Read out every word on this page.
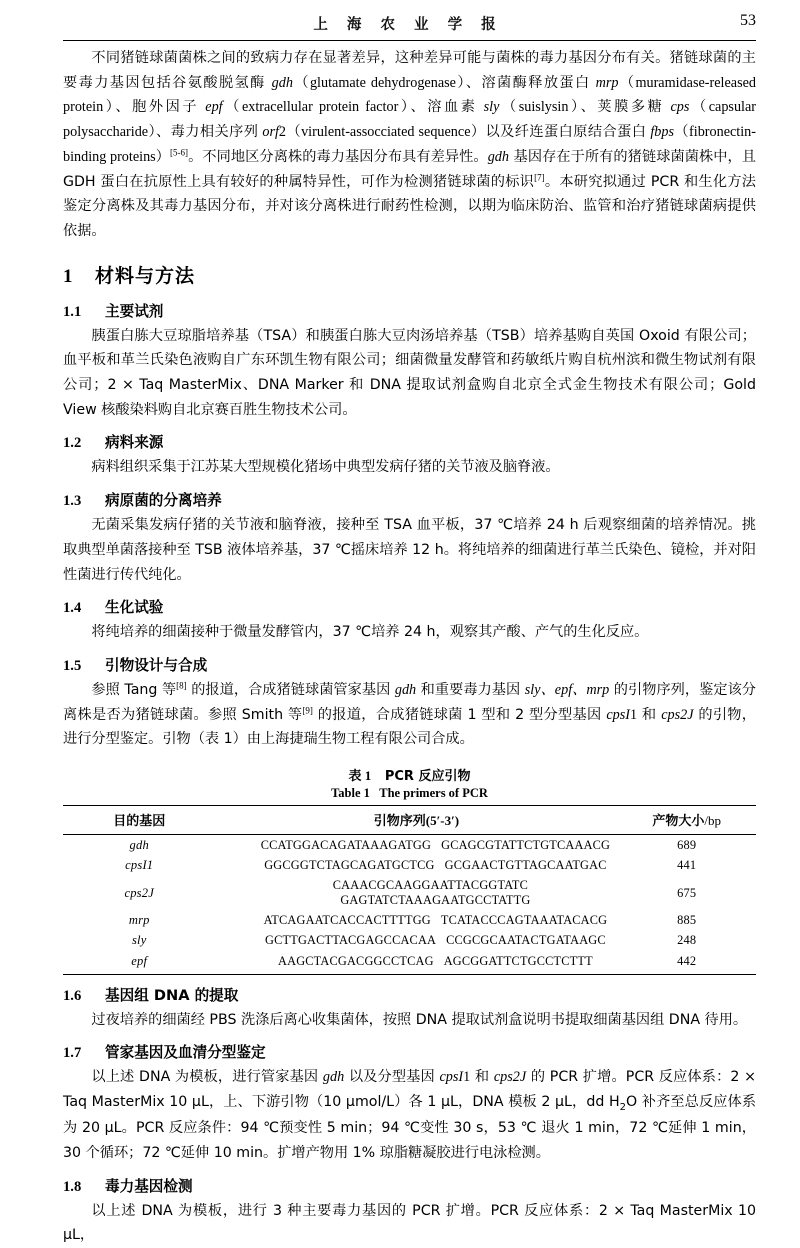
上 海 农 业 学 报	53

不同猪链球菌菌株之间的致病力存在显著差异，这种差异可能与菌株的毒力基因分布有关。猪链球菌的主要毒力基因包括谷氨酸脱氢酶 gdh（glutamate dehydrogenase）、溶菌酶释放蛋白 mrp（muramidase-released protein）、胞外因子 epf（extracellular protein factor）、溶血素 sly（suislysin）、荚膜多糖 cps（capsular polysaccharide）、毒力相关序列 orf2（virulent-assocciated sequence）以及纤连蛋白原结合蛋白 fbps（fibronectin-binding proteins）[5-6]。不同地区分离株的毒力基因分布具有差异性。gdh 基因存在于所有的猪链球菌菌株中，且 GDH 蛋白在抗原性上具有较好的种属特异性，可作为检测猪链球菌的标识[7]。本研究拟通过 PCR 和生化方法鉴定分离株及其毒力基因分布，并对该分离株进行耐药性检测，以期为临床防治、监管和治疗猪链球菌病提供依据。

1 材料与方法
1.1 主要试剂

胰蛋白胨大豆琼脂培养基（TSA）和胰蛋白胨大豆肉汤培养基（TSB）培养基购自英国 Oxoid 有限公司；血平板和革兰氏染色液购自广东环凯生物有限公司；细菌微量发酵管和药敏纸片购自杭州滨和微生物试剂有限公司；2 × Taq MasterMix、DNA Marker 和 DNA 提取试剂盒购自北京全式金生物技术有限公司；Gold View 核酸染料购自北京赛百胜生物技术公司。

1.2 病料来源

病料组织采集于江苏某大型规模化猪场中典型发病仔猪的关节液及脑脊液。

1.3 病原菌的分离培养

无菌采集发病仔猪的关节液和脑脊液，接种至 TSA 血平板，37 ℃培养 24 h 后观察细菌的培养情况。挑取典型单菌落接种至 TSB 液体培养基，37 ℃摇床培养 12 h。将纯培养的细菌进行革兰氏染色、镜检，并对阳性菌进行传代纯化。

1.4 生化试验

将纯培养的细菌接种于微量发酵管内，37 ℃培养 24 h，观察其产酸、产气的生化反应。

1.5 引物设计与合成

参照 Tang 等[8] 的报道，合成猪链球菌管家基因 gdh 和重要毒力基因 sly、epf、mrp 的引物序列，鉴定该分离株是否为猪链球菌。参照 Smith 等[9] 的报道，合成猪链球菌 1 型和 2 型分型基因 cpsI1 和 cps2J 的引物，进行分型鉴定。引物（表 1）由上海捷瑞生物工程有限公司合成。

表 1 PCR 反应引物
Table 1 The primers of PCR
目的基因	引物序列(5′-3′)	产物大小/bp
gdh	CCATGGACAGATAAAGATGG GCAGCGTATTCTGTCAAACG	689
cpsI1	GGCGGTCTAGCAGATGCTCG GCGAACTGTTAGCAATGAC	441
cps2J	CAAACGCAAGGAATTACGGTATCGAGTATCTAAAGAATGCCTATTG	675
mrp	ATCAGAATCACCACTTTTGG TCATACCCAGTAAATACACG	885
sly	GCTTGACTTACGAGCCACAA CCGCGCAATACTGATAAGC	248
epf	AAGCTACGACGGCCTCAG AGCGGATTCTGCCTCTTT	442
1.6 基因组 DNA 的提取

过夜培养的细菌经 PBS 洗涤后离心收集菌体，按照 DNA 提取试剂盒说明书提取细菌基因组 DNA 待用。

1.7 管家基因及血清分型鉴定

以上述 DNA 为模板，进行管家基因 gdh 以及分型基因 cpsI1 和 cps2J 的 PCR 扩增。PCR 反应体系：2 × Taq MasterMix 10 μL，上、下游引物（10 μmol/L）各 1 μL，DNA 模板 2 μL，dd $H_2O$ 补齐至总反应体系为 20 μL。PCR 反应条件：94 ℃预变性 5 min；94 ℃变性 30 s，53 ℃ 退火 1 min，72 ℃延伸 1 min，30 个循环；72 ℃延伸 10 min。扩增产物用 1% 琼脂糖凝胶进行电泳检测。

1.8 毒力基因检测

以上述 DNA 为模板，进行 3 种主要毒力基因的 PCR 扩增。PCR 反应体系：2 × Taq MasterMix 10 μL，
